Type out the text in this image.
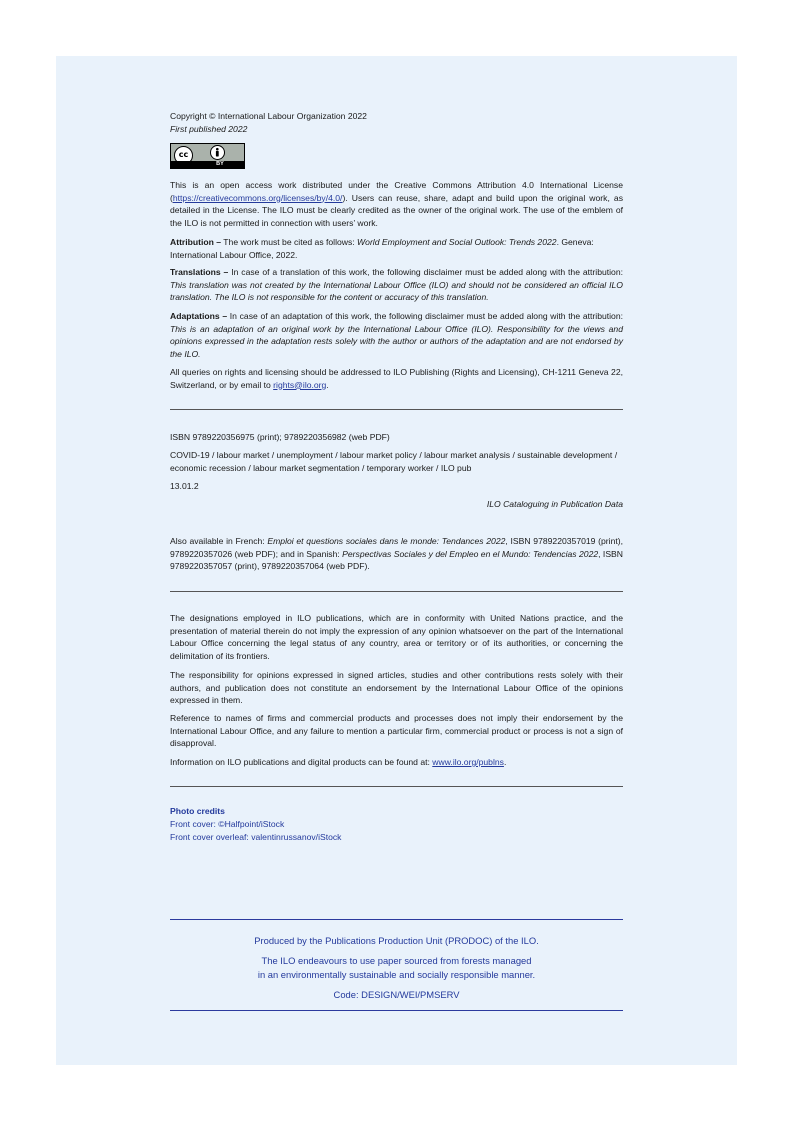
Copyright © International Labour Organization 2022

First published 2022

cc
BY

This is an open access work distributed under the Creative Commons Attribution 4.0 International License (https://creativecommons.org/licenses/by/4.0/). Users can reuse, share, adapt and build upon the original work, as detailed in the License. The ILO must be clearly credited as the owner of the original work. The use of the emblem of the ILO is not permitted in connection with users’ work.

Attribution – The work must be cited as follows: World Employment and Social Outlook: Trends 2022. Geneva: International Labour Office, 2022.

Translations – In case of a translation of this work, the following disclaimer must be added along with the attribution: This translation was not created by the International Labour Office (ILO) and should not be considered an official ILO translation. The ILO is not responsible for the content or accuracy of this translation.

Adaptations – In case of an adaptation of this work, the following disclaimer must be added along with the attribution: This is an adaptation of an original work by the International Labour Office (ILO). Responsibility for the views and opinions expressed in the adaptation rests solely with the author or authors of the adaptation and are not endorsed by the ILO.

All queries on rights and licensing should be addressed to ILO Publishing (Rights and Licensing), CH-1211 Geneva 22, Switzerland, or by email to rights@ilo.org.

ISBN 9789220356975 (print); 9789220356982 (web PDF)

COVID-19 / labour market / unemployment / labour market policy / labour market analysis / sustainable development / economic recession / labour market segmentation / temporary worker / ILO pub

13.01.2

ILO Cataloguing in Publication Data

Also available in French: Emploi et questions sociales dans le monde: Tendances 2022, ISBN 9789220357019 (print), 9789220357026 (web PDF); and in Spanish: Perspectivas Sociales y del Empleo en el Mundo: Tendencias 2022, ISBN 9789220357057 (print), 9789220357064 (web PDF).

The designations employed in ILO publications, which are in conformity with United Nations practice, and the presentation of material therein do not imply the expression of any opinion whatsoever on the part of the International Labour Office concerning the legal status of any country, area or territory or of its authorities, or concerning the delimitation of its frontiers.

The responsibility for opinions expressed in signed articles, studies and other contributions rests solely with their authors, and publication does not constitute an endorsement by the International Labour Office of the opinions expressed in them.

Reference to names of firms and commercial products and processes does not imply their endorsement by the International Labour Office, and any failure to mention a particular firm, commercial product or process is not a sign of disapproval.

Information on ILO publications and digital products can be found at: www.ilo.org/publns.

Photo credits

Front cover: ©Halfpoint/iStock

Front cover overleaf: valentinrussanov/iStock

Produced by the Publications Production Unit (PRODOC) of the ILO.

The ILO endeavours to use paper sourced from forests managed

in an environmentally sustainable and socially responsible manner.

Code: DESIGN/WEI/PMSERV
